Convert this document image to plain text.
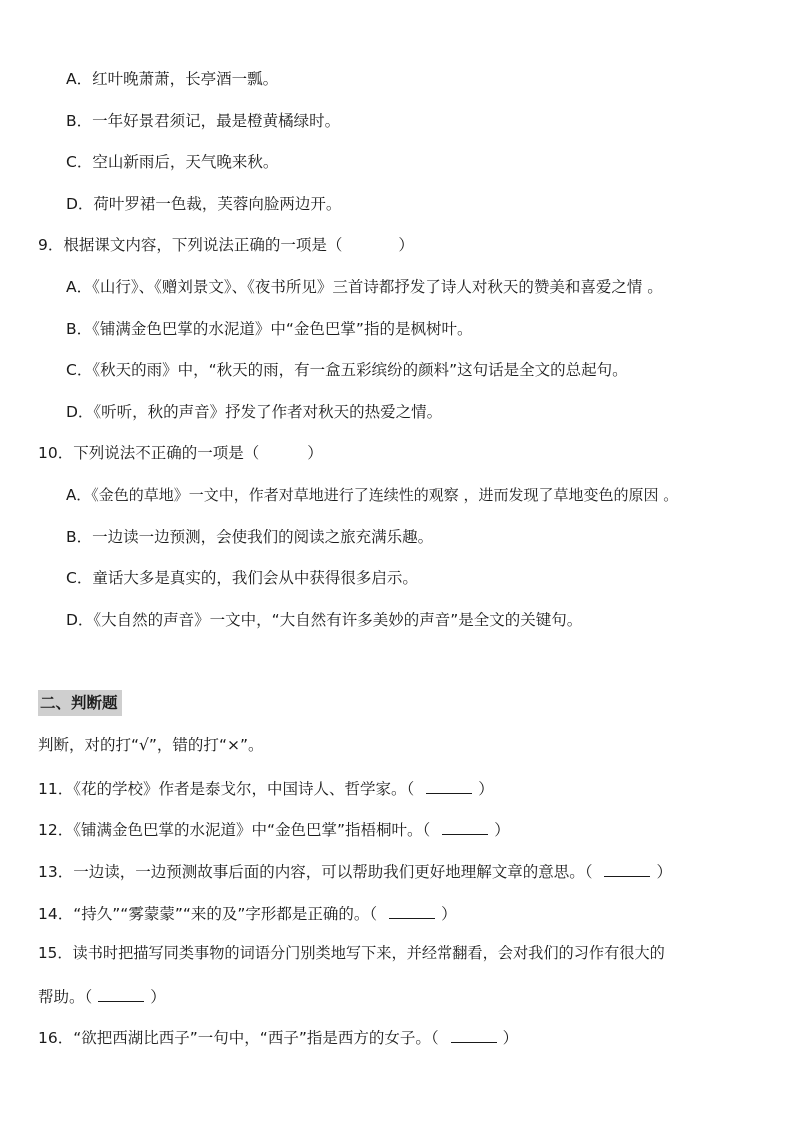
A．红叶晚萧萧，长亭酒一瓢。
B．一年好景君须记，最是橙黄橘绿时。
C．空山新雨后，天气晚来秋。
D．荷叶罗裙一色裁，芙蓉向脸两边开。
9．根据课文内容，下列说法正确的一项是（	）
A．《山行》、《赠刘景文》、《夜书所见》三首诗都抒发了诗人对秋天的赞美和喜爱之情 。
B．《铺满金色巴掌的水泥道》中“金色巴掌”指的是枫树叶。
C．《秋天的雨》中，“秋天的雨，有一盒五彩缤纷的颜料”这句话是全文的总起句。
D．《听听，秋的声音》抒发了作者对秋天的热爱之情。
10．下列说法不正确的一项是（	）
A．《金色的草地》一文中，作者对草地进行了连续性的观察 ，进而发现了草地变色的原因 。
B．一边读一边预测，会使我们的阅读之旅充满乐趣。
C．童话大多是真实的，我们会从中获得很多启示。
D．《大自然的声音》一文中，“大自然有许多美妙的声音”是全文的关键句。
二、判断题
判断，对的打“√”，错的打“×”。
11．《花的学校》作者是泰戈尔，中国诗人、哲学家。（	）
12．《铺满金色巴掌的水泥道》中“金色巴掌”指梧桐叶。（	）
13．一边读，一边预测故事后面的内容，可以帮助我们更好地理解文章的意思。（	）
14．“持久”“雾蒙蒙”“来的及”字形都是正确的。（	）
15．读书时把描写同类事物的词语分门别类地写下来，并经常翻看，会对我们的习作有很大的
帮助。（	）
16．“欲把西湖比西子”一句中，“西子”指是西方的女子。（	）
